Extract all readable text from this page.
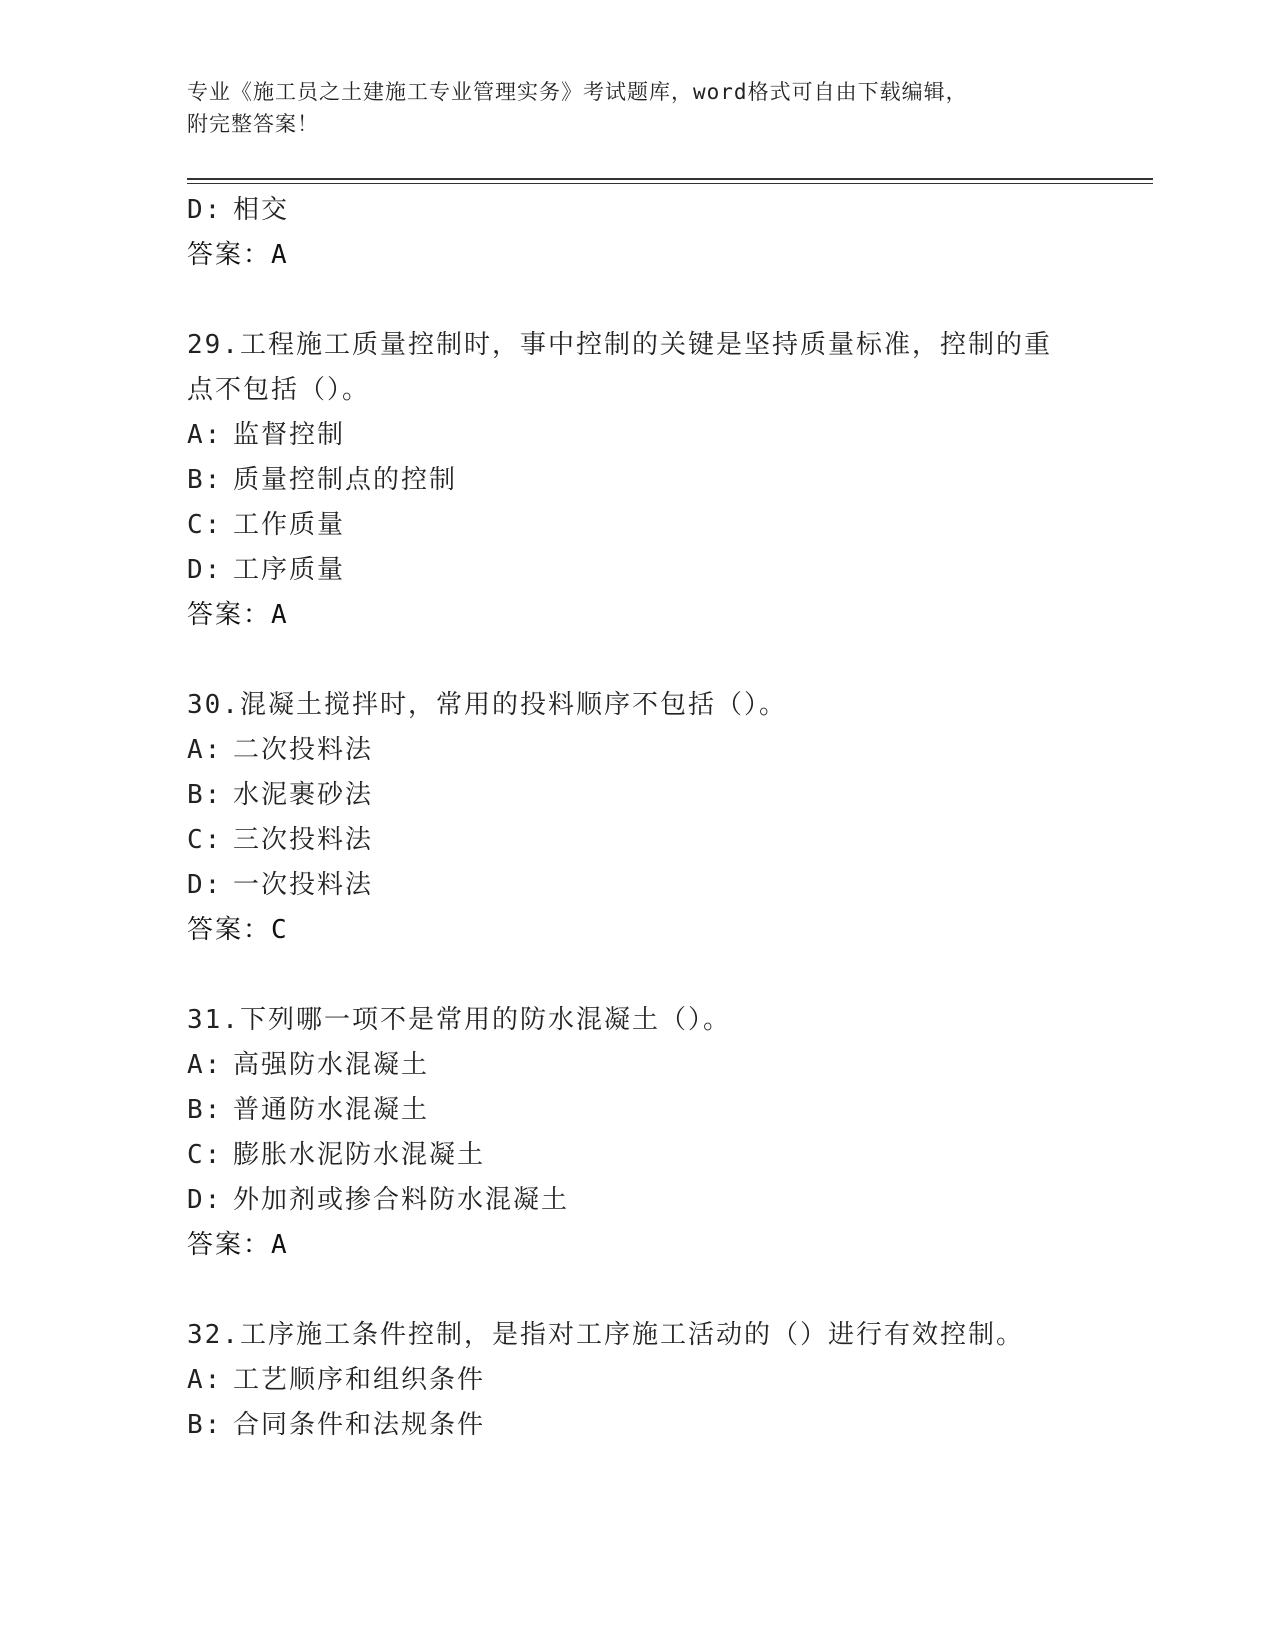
专业《施工员之土建施工专业管理实务》考试题库，word格式可自由下载编辑，
附完整答案！
D: 相交
答案：A
29.工程施工质量控制时，事中控制的关键是坚持质量标准，控制的重
点不包括（）。
A: 监督控制
B: 质量控制点的控制
C: 工作质量
D: 工序质量
答案：A
30.混凝土搅拌时，常用的投料顺序不包括（）。
A: 二次投料法
B: 水泥裹砂法
C: 三次投料法
D: 一次投料法
答案：C
31.下列哪一项不是常用的防水混凝土（）。
A: 高强防水混凝土
B: 普通防水混凝土
C: 膨胀水泥防水混凝土
D: 外加剂或掺合料防水混凝土
答案：A
32.工序施工条件控制，是指对工序施工活动的（）进行有效控制。
A: 工艺顺序和组织条件
B: 合同条件和法规条件
